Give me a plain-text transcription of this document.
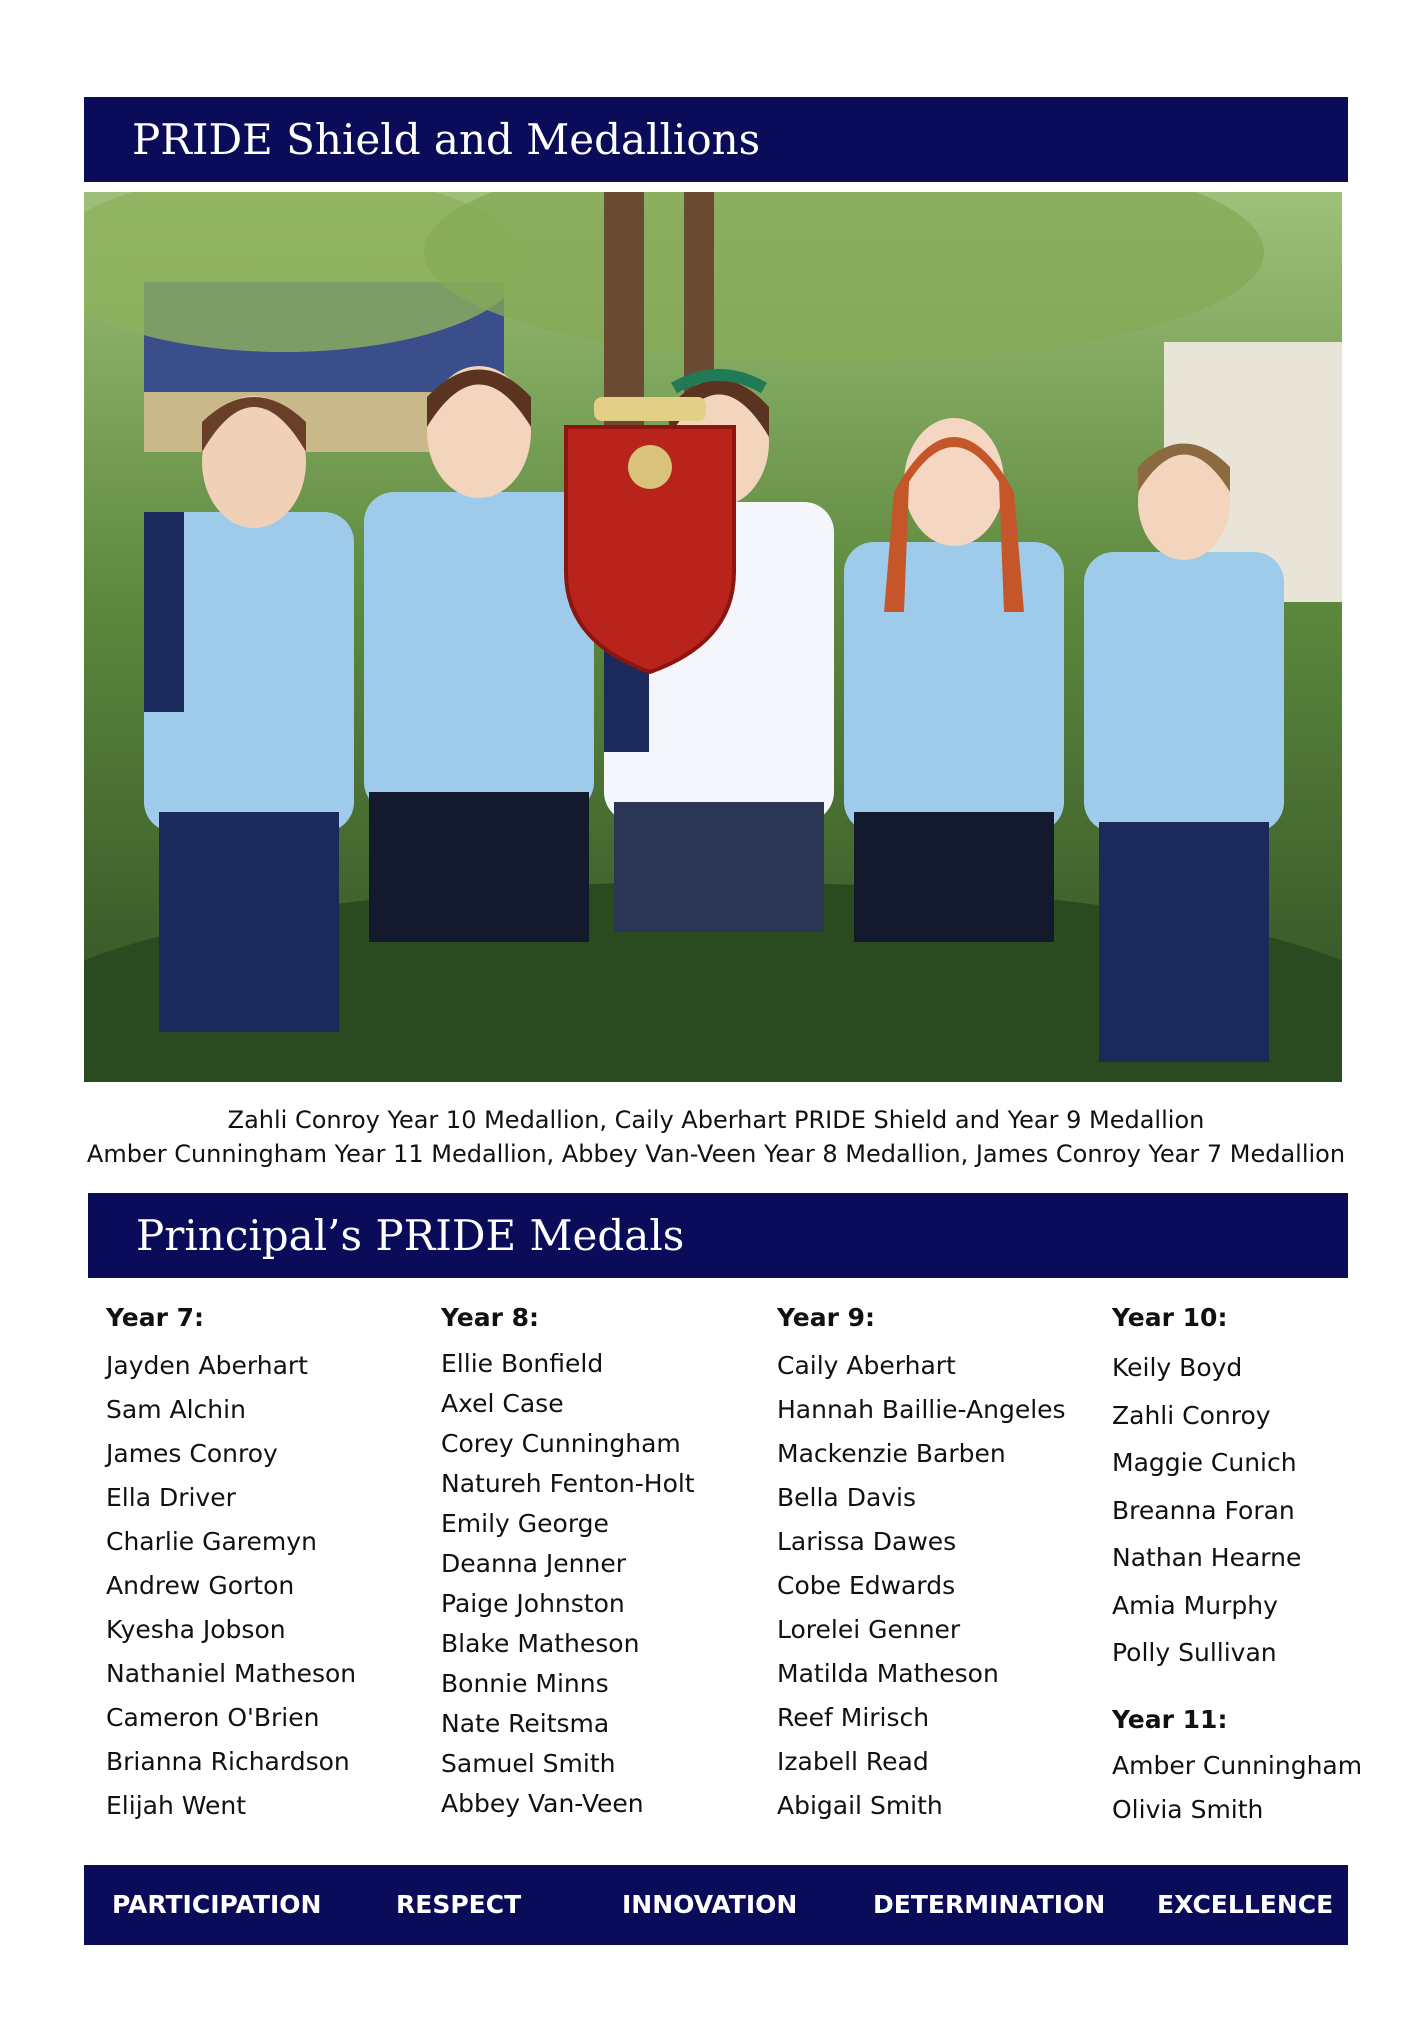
PRIDE Shield and Medallions
Zahli Conroy Year 10 Medallion, Caily Aberhart PRIDE Shield and Year 9 Medallion
Amber Cunningham Year 11 Medallion, Abbey Van-Veen Year 8 Medallion, James Conroy Year 7 Medallion
Principal’s PRIDE Medals
Year 7:
Jayden Aberhart
Sam Alchin
James Conroy
Ella Driver
Charlie Garemyn
Andrew Gorton
Kyesha Jobson
Nathaniel Matheson
Cameron O'Brien
Brianna Richardson
Elijah Went
Year 8:
Ellie Bonfield
Axel Case
Corey Cunningham
Natureh Fenton-Holt
Emily George
Deanna Jenner
Paige Johnston
Blake Matheson
Bonnie Minns
Nate Reitsma
Samuel Smith
Abbey Van-Veen
Year 9:
Caily Aberhart
Hannah Baillie-Angeles
Mackenzie Barben
Bella Davis
Larissa Dawes
Cobe Edwards
Lorelei Genner
Matilda Matheson
Reef Mirisch
Izabell Read
Abigail Smith
Year 10:
Keily Boyd
Zahli Conroy
Maggie Cunich
Breanna Foran
Nathan Hearne
Amia Murphy
Polly Sullivan
Year 11:
Amber Cunningham
Olivia Smith
PARTICIPATION	RESPECT	INNOVATION	DETERMINATION EXCELLENCE
